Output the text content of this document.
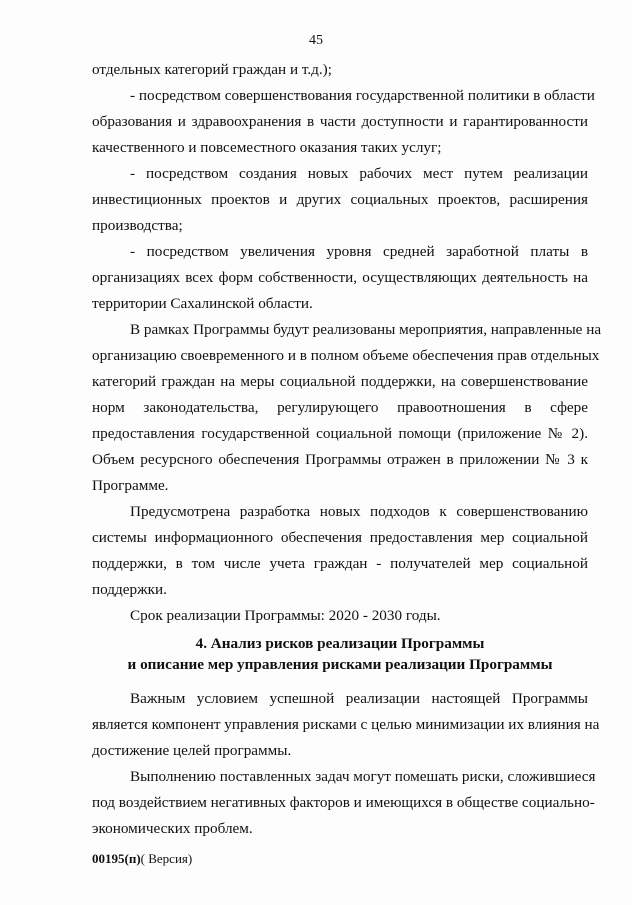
45
отдельных категорий граждан и т.д.);
- посредством совершенствования государственной политики в области
образования и здравоохранения в части доступности и гарантированности
качественного и повсеместного оказания таких услуг;
- посредством создания новых рабочих мест путем реализации
инвестиционных проектов и других социальных проектов, расширения
производства;
- посредством увеличения уровня средней заработной платы в
организациях всех форм собственности, осуществляющих деятельность на
территории Сахалинской области.
В рамках Программы будут реализованы мероприятия, направленные на
организацию своевременного и в полном объеме обеспечения прав отдельных
категорий граждан на меры социальной поддержки, на совершенствование
норм законодательства, регулирующего правоотношения в сфере
предоставления государственной социальной помощи (приложение № 2).
Объем ресурсного обеспечения Программы отражен в приложении № 3 к
Программе.
Предусмотрена разработка новых подходов к совершенствованию
системы информационного обеспечения предоставления мер социальной
поддержки, в том числе учета граждан - получателей мер социальной
поддержки.
Срок реализации Программы: 2020 - 2030 годы.
4. Анализ рисков реализации Программы
и описание мер управления рисками реализации Программы
Важным условием успешной реализации настоящей Программы
является компонент управления рисками с целью минимизации их влияния на
достижение целей программы.
Выполнению поставленных задач могут помешать риски, сложившиеся
под воздействием негативных факторов и имеющихся в обществе социально-
экономических проблем.
00195(п)( Версия)
